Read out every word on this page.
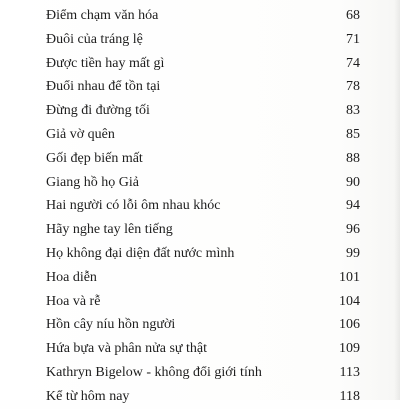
Điểm chạm văn hóa	68
Đuôi của tráng lệ	71
Được tiền hay mất gì	74
Đuổi nhau để tồn tại	78
Đừng đi đường tối	83
Giả vờ quên	85
Gối đẹp biến mất	88
Giang hồ họ Giả	90
Hai người có lỗi ôm nhau khóc	94
Hãy nghe tay lên tiếng	96
Họ không đại diện đất nước mình	99
Hoa diễn	101
Hoa và rễ	104
Hồn cây níu hồn người	106
Hứa bựa và phân nửa sự thật	109
Kathryn Bigelow - không đổi giới tính	113
Kể từ hôm nay	118
